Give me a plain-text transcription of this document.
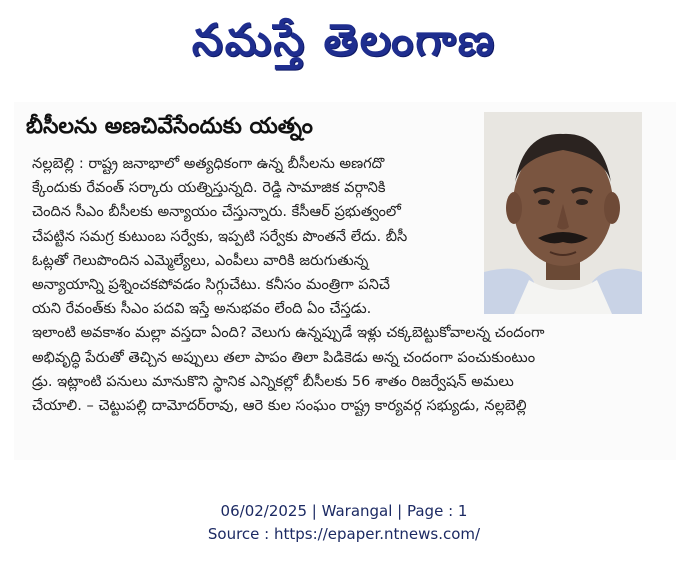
నమస్తే తెలంగాణ
బీసీలను అణచివేసేందుకు యత్నం
నల్లబెల్లి : రాష్ట్ర జనాభాలో అత్యధికంగా ఉన్న బీసీలను అణగదొ
క్కేందుకు రేవంత్ సర్కారు యత్నిస్తున్నది. రెడ్డి సామాజిక వర్గానికి
చెందిన సీఎం బీసీలకు అన్యాయం చేస్తున్నారు. కేసీఆర్ ప్రభుత్వంలో
చేపట్టిన సమగ్ర కుటుంబ సర్వేకు, ఇప్పటి సర్వేకు పొంతనే లేదు. బీసీ
ఓట్లతో గెలుపొందిన ఎమ్మెల్యేలు, ఎంపీలు వారికి జరుగుతున్న
అన్యాయాన్ని ప్రశ్నించకపోవడం సిగ్గుచేటు. కనీసం మంత్రిగా పనిచే
యని రేవంత్‌కు సీఎం పదవి ఇస్తే అనుభవం లేంది ఏం చేస్తడు.
ఇలాంటి అవకాశం మల్లా వస్తదా ఏంది? వెలుగు ఉన్నప్పుడే ఇళ్లు చక్కబెట్టుకోవాలన్న చందంగా
అభివృద్ధి పేరుతో తెచ్చిన అప్పులు తలా పాపం తిలా పిడికెడు అన్న చందంగా పంచుకుంటుం
డ్రు. ఇట్లాంటి పనులు మానుకొని స్థానిక ఎన్నికల్లో బీసీలకు 56 శాతం రిజర్వేషన్ అమలు
చేయాలి. – చెట్టుపల్లి దామోదర్‌రావు, ఆరె కుల సంఘం రాష్ట్ర కార్యవర్గ సభ్యుడు, నల్లబెల్లి
06/02/2025 | Warangal | Page : 1
Source : https://epaper.ntnews.com/
